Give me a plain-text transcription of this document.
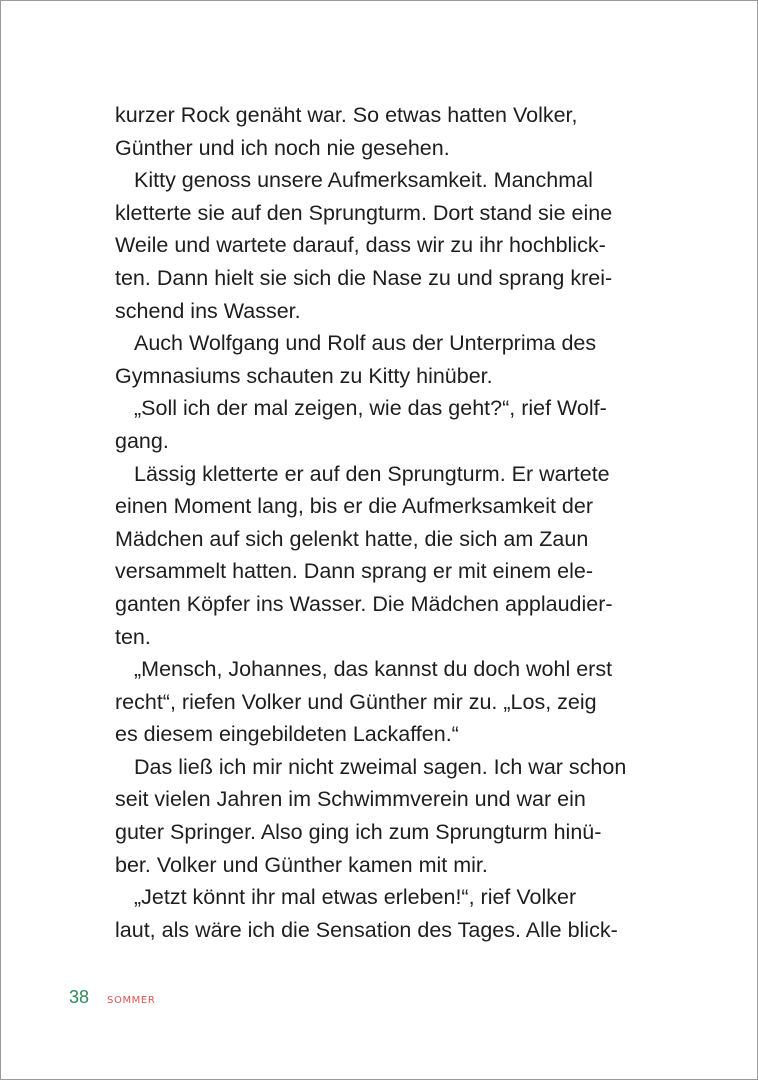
kurzer Rock genäht war. So etwas hatten Volker,
Günther und ich noch nie gesehen.
Kitty genoss unsere Aufmerksamkeit. Manchmal
kletterte sie auf den Sprungturm. Dort stand sie eine
Weile und wartete darauf, dass wir zu ihr hochblick-
ten. Dann hielt sie sich die Nase zu und sprang krei-
schend ins Wasser.
Auch Wolfgang und Rolf aus der Unterprima des
Gymnasiums schauten zu Kitty hinüber.
„Soll ich der mal zeigen, wie das geht?“, rief Wolf-
gang.
Lässig kletterte er auf den Sprungturm. Er wartete
einen Moment lang, bis er die Aufmerksamkeit der
Mädchen auf sich gelenkt hatte, die sich am Zaun
versammelt hatten. Dann sprang er mit einem ele-
ganten Köpfer ins Wasser. Die Mädchen applaudier-
ten.
„Mensch, Johannes, das kannst du doch wohl erst
recht“, riefen Volker und Günther mir zu. „Los, zeig
es diesem eingebildeten Lackaffen.“
Das ließ ich mir nicht zweimal sagen. Ich war schon
seit vielen Jahren im Schwimmverein und war ein
guter Springer. Also ging ich zum Sprungturm hinü-
ber. Volker und Günther kamen mit mir.
„Jetzt könnt ihr mal etwas erleben!“, rief Volker
laut, als wäre ich die Sensation des Tages. Alle blick-
38 sommer
